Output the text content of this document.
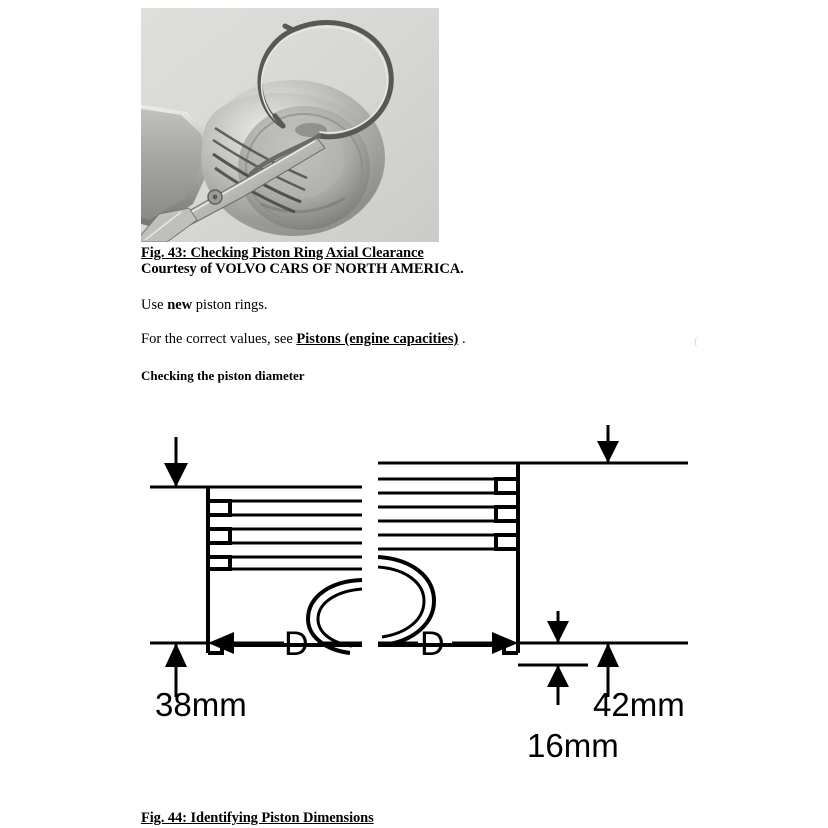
Fig. 43: Checking Piston Ring Axial Clearance
Courtesy of VOLVO CARS OF NORTH AMERICA.
Use new piston rings.
For the correct values, see Pistons (engine capacities) .	(
Checking the piston diameter
D	D
38mm
16mm
42mm
Fig. 44: Identifying Piston Dimensions
